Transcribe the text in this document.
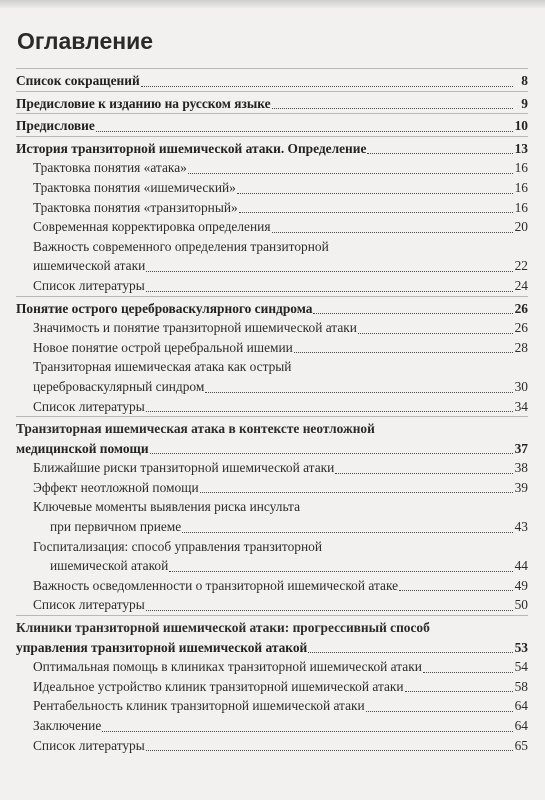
Оглавление
Список сокращений	8
Предисловие к изданию на русском языке	9
Предисловие	10
История транзиторной ишемической атаки. Определение	13
Трактовка понятия «атака»	16
Трактовка понятия «ишемический»	16
Трактовка понятия «транзиторный»	16
Современная корректировка определения	20
Важность современного определения транзиторной
ишемической атаки	22
Список литературы	24
Понятие острого цереброваскулярного синдрома	26
Значимость и понятие транзиторной ишемической атаки	26
Новое понятие острой церебральной ишемии	28
Транзиторная ишемическая атака как острый
цереброваскулярный синдром	30
Список литературы	34
Транзиторная ишемическая атака в контексте неотложной
медицинской помощи	37
Ближайшие риски транзиторной ишемической атаки	38
Эффект неотложной помощи	39
Ключевые моменты выявления риска инсульта
при первичном приеме	43
Госпитализация: способ управления транзиторной
ишемической атакой	44
Важность осведомленности о транзиторной ишемической атаке	49
Список литературы	50
Клиники транзиторной ишемической атаки: прогрессивный способ
управления транзиторной ишемической атакой	53
Оптимальная помощь в клиниках транзиторной ишемической атаки	54
Идеальное устройство клиник транзиторной ишемической атаки	58
Рентабельность клиник транзиторной ишемической атаки	64
Заключение	64
Список литературы	65
